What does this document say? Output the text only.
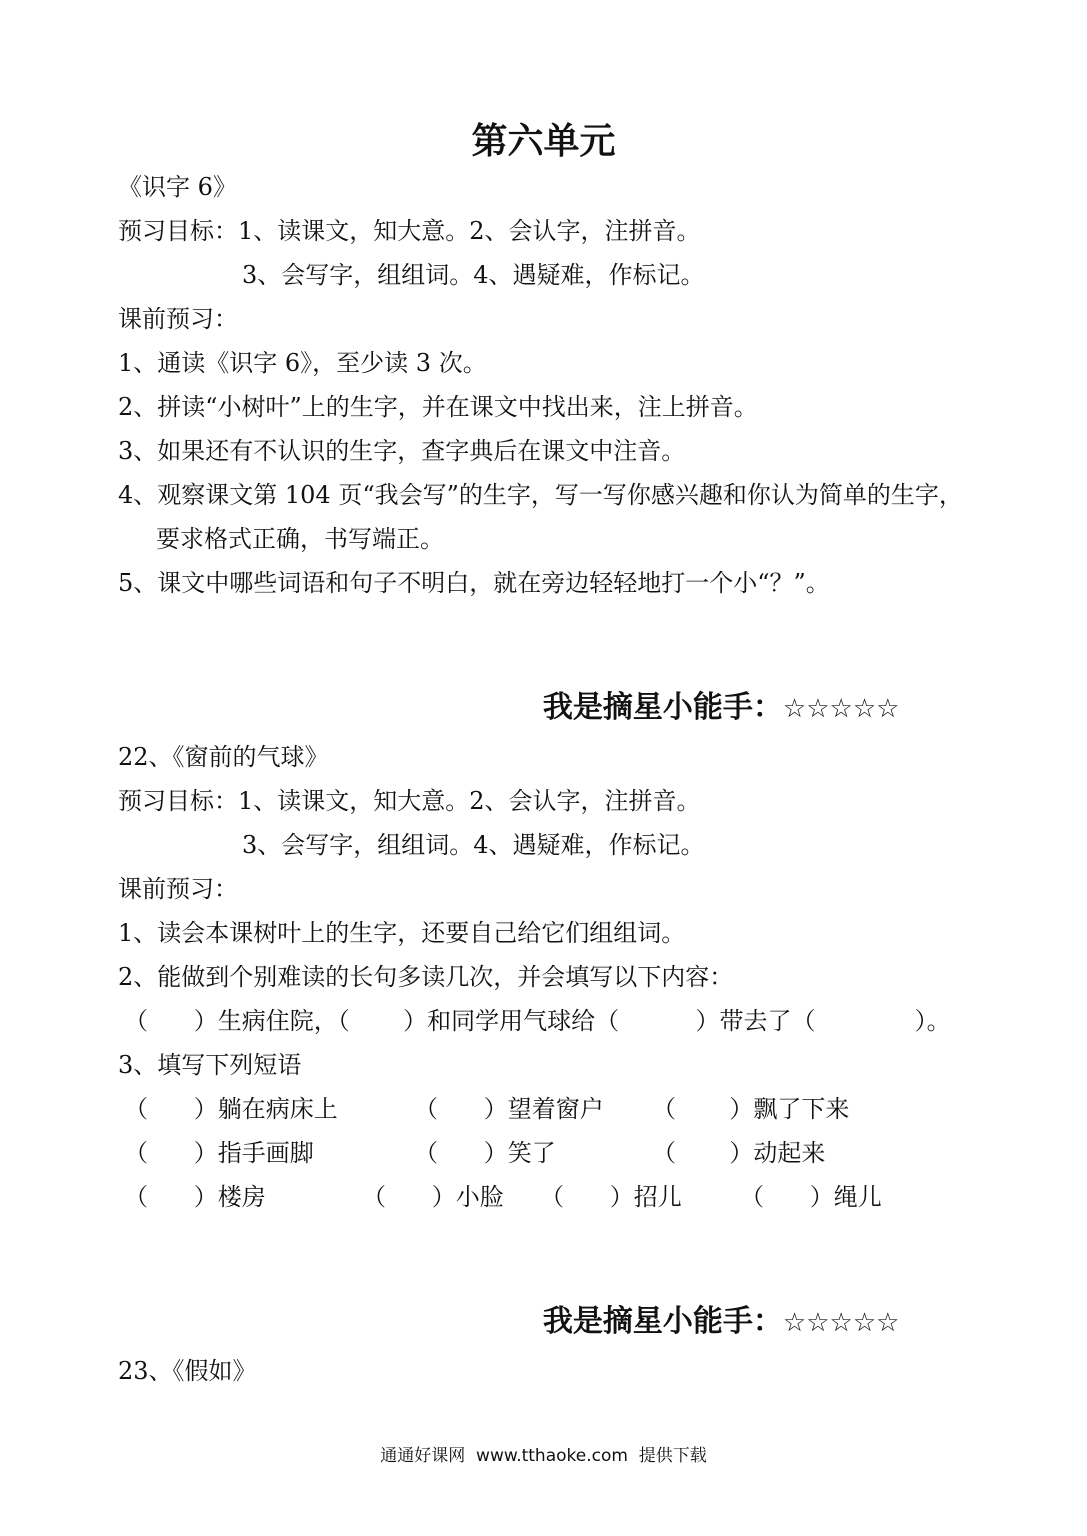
第六单元
《识字 6》
预习目标：1、读课文，知大意。2、会认字，注拼音。
3、会写字，组组词。4、遇疑难，作标记。
课前预习：
1、通读《识字 6》，至少读 3 次。
2、拼读“小树叶”上的生字，并在课文中找出来，注上拼音。
3、如果还有不认识的生字，查字典后在课文中注音。
4、观察课文第 104 页“我会写”的生字，写一写你感兴趣和你认为简单的生字，
要求格式正确，书写端正。
5、课文中哪些词语和句子不明白，就在旁边轻轻地打一个小“？”。

我是摘星小能手：☆☆☆☆☆

22、《窗前的气球》
预习目标：1、读课文，知大意。2、会认字，注拼音。
3、会写字，组组词。4、遇疑难，作标记。
课前预习：
1、读会本课树叶上的生字，还要自己给它们组组词。
2、能做到个别难读的长句多读几次，并会填写以下内容：
（      ）生病住院，（       ）和同学用气球给（          ）带去了（             ）。
3、填写下列短语
（      ）躺在病床上	（      ）望着窗户 （       ）飘了下来
（      ）指手画脚	（      ）笑了	（       ）动起来
（      ）楼房	（      ）小脸 （      ）招儿 （      ）绳儿

我是摘星小能手：☆☆☆☆☆

23、《假如》
通通好课网  www.tthaoke.com  提供下载
